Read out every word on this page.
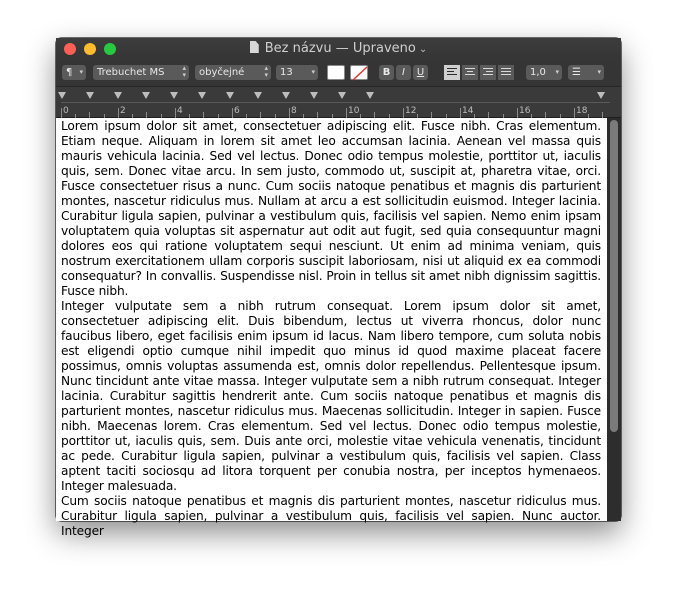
Bez názvu — Upraveno ⌄
¶ ▾	Trebuchet MS	▴
▾	obyčejné	▴
▾	13	▾	B	I	U	1,0 ▾	☰ ▾
0	2	4	6	8	10	12	14	16	18

Lorem ipsum dolor sit amet, consectetuer adipiscing elit. Fusce nibh. Cras elementum. Etiam neque. Aliquam in lorem sit amet leo accumsan lacinia. Aenean vel massa quis mauris vehicula lacinia. Sed vel lectus. Donec odio tempus molestie, porttitor ut, iaculis quis, sem. Donec vitae arcu. In sem justo, commodo ut, suscipit at, pharetra vitae, orci. Fusce consectetuer risus a nunc. Cum sociis natoque penatibus et magnis dis parturient montes, nascetur ridiculus mus. Nullam at arcu a est sollicitudin euismod. Integer lacinia. Curabitur ligula sapien, pulvinar a vestibulum quis, facilisis vel sapien. Nemo enim ipsam voluptatem quia voluptas sit aspernatur aut odit aut fugit, sed quia consequuntur magni dolores eos qui ratione voluptatem sequi nesciunt. Ut enim ad minima veniam, quis nostrum exercitationem ullam corporis suscipit laboriosam, nisi ut aliquid ex ea commodi consequatur? In convallis. Suspendisse nisl. Proin in tellus sit amet nibh dignissim sagittis. Fusce nibh.

Integer vulputate sem a nibh rutrum consequat. Lorem ipsum dolor sit amet, consectetuer adipiscing elit. Duis bibendum, lectus ut viverra rhoncus, dolor nunc faucibus libero, eget facilisis enim ipsum id lacus. Nam libero tempore, cum soluta nobis est eligendi optio cumque nihil impedit quo minus id quod maxime placeat facere possimus, omnis voluptas assumenda est, omnis dolor repellendus. Pellentesque ipsum. Nunc tincidunt ante vitae massa. Integer vulputate sem a nibh rutrum consequat. Integer lacinia. Curabitur sagittis hendrerit ante. Cum sociis natoque penatibus et magnis dis parturient montes, nascetur ridiculus mus. Maecenas sollicitudin. Integer in sapien. Fusce nibh. Maecenas lorem. Cras elementum. Sed vel lectus. Donec odio tempus molestie, porttitor ut, iaculis quis, sem. Duis ante orci, molestie vitae vehicula venenatis, tincidunt ac pede. Curabitur ligula sapien, pulvinar a vestibulum quis, facilisis vel sapien. Class aptent taciti sociosqu ad litora torquent per conubia nostra, per inceptos hymenaeos. Integer malesuada.

Cum sociis natoque penatibus et magnis dis parturient montes, nascetur ridiculus mus. Curabitur ligula sapien, pulvinar a vestibulum quis, facilisis vel sapien. Nunc auctor. Integer
